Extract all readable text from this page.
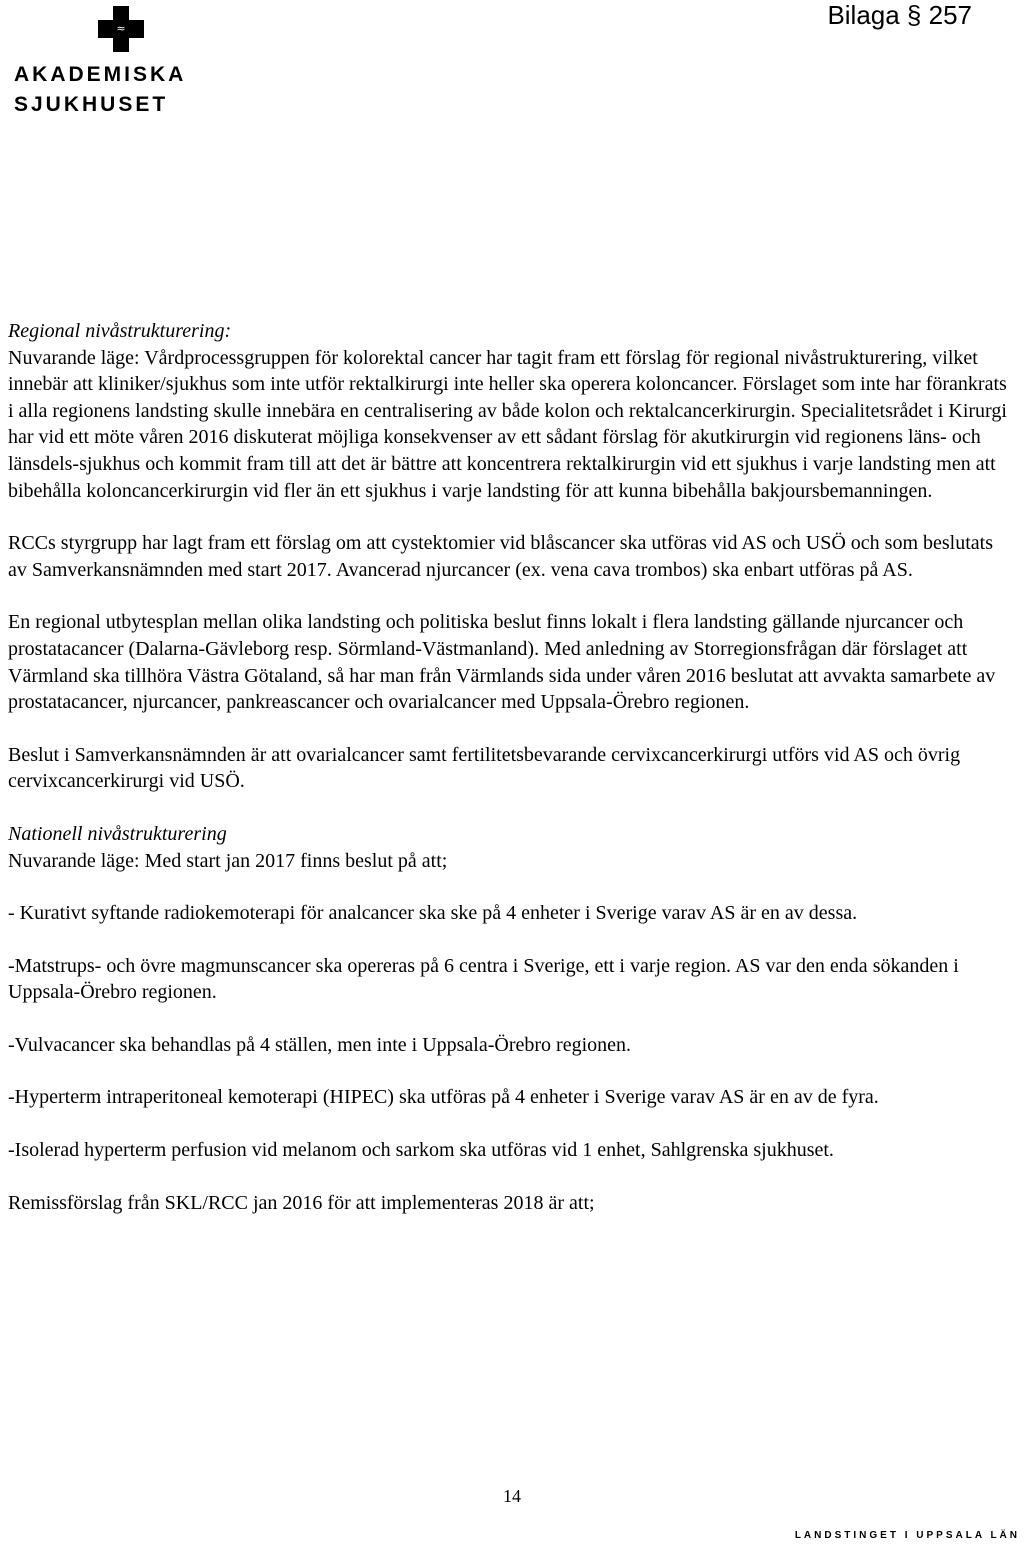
≈
AKADEMISKA
SJUKHUSET
Bilaga § 257

Regional nivåstrukturering:

Nuvarande läge: Vårdprocessgruppen för kolorektal cancer har tagit fram ett förslag för regional nivåstrukturering, vilket innebär att kliniker/sjukhus som inte utför rektalkirurgi inte heller ska operera koloncancer. Förslaget som inte har förankrats i alla regionens landsting skulle innebära en centralisering av både kolon och rektalcancerkirurgin. Specialitetsrådet i Kirurgi har vid ett möte våren 2016 diskuterat möjliga konsekvenser av ett sådant förslag för akutkirurgin vid regionens läns- och länsdels-sjukhus och kommit fram till att det är bättre att koncentrera rektalkirurgin vid ett sjukhus i varje landsting men att bibehålla koloncancerkirurgin vid fler än ett sjukhus i varje landsting för att kunna bibehålla bakjoursbemanningen.

RCCs styrgrupp har lagt fram ett förslag om att cystektomier vid blåscancer ska utföras vid AS och USÖ och som beslutats av Samverkansnämnden med start 2017. Avancerad njurcancer (ex. vena cava trombos) ska enbart utföras på AS.

En regional utbytesplan mellan olika landsting och politiska beslut finns lokalt i flera landsting gällande njurcancer och prostatacancer (Dalarna-Gävleborg resp. Sörmland-Västmanland). Med anledning av Storregionsfrågan där förslaget att Värmland ska tillhöra Västra Götaland, så har man från Värmlands sida under våren 2016 beslutat att avvakta samarbete av prostatacancer, njurcancer, pankreascancer och ovarialcancer med Uppsala-Örebro regionen.

Beslut i Samverkansnämnden är att ovarialcancer samt fertilitetsbevarande cervixcancerkirurgi utförs vid AS och övrig cervixcancerkirurgi vid USÖ.

Nationell nivåstrukturering

Nuvarande läge: Med start jan 2017 finns beslut på att;

- Kurativt syftande radiokemoterapi för analcancer ska ske på 4 enheter i Sverige varav AS är en av dessa.

-Matstrups- och övre magmunscancer ska opereras på 6 centra i Sverige, ett i varje region. AS var den enda sökanden i Uppsala-Örebro regionen.

-Vulvacancer ska behandlas på 4 ställen, men inte i Uppsala-Örebro regionen.

-Hyperterm intraperitoneal kemoterapi (HIPEC) ska utföras på 4 enheter i Sverige varav AS är en av de fyra.

-Isolerad hyperterm perfusion vid melanom och sarkom ska utföras vid 1 enhet, Sahlgrenska sjukhuset.

Remissförslag från SKL/RCC jan 2016 för att implementeras 2018 är att;

14
LANDSTINGET I UPPSALA LÄN
